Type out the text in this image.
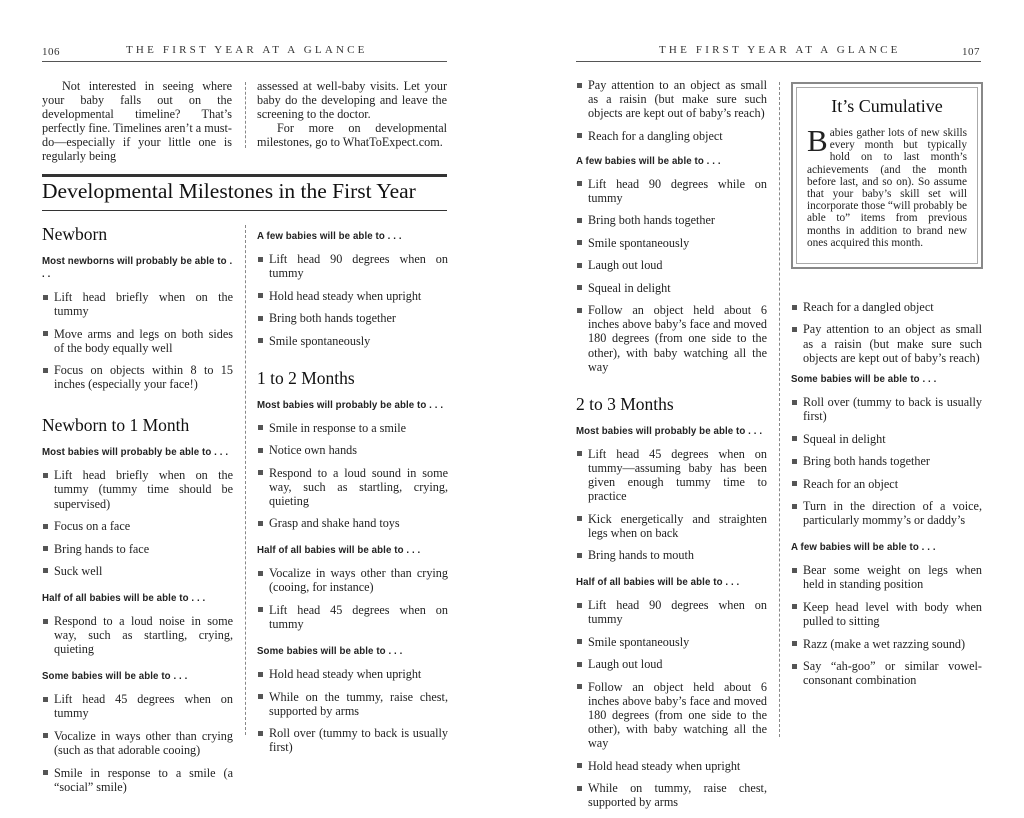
106	THE FIRST YEAR AT A GLANCE

Not interested in seeing where your baby falls out on the developmental timeline? That’s perfectly fine. Timelines aren’t a must-do—especially if your little one is regularly being

assessed at well-baby visits. Let your baby do the developing and leave the screening to the doctor.

For more on developmental milestones, go to WhatToExpect.com.

Developmental Milestones in the First Year
Newborn
Most newborns will probably be able to . . .
Lift head briefly when on the tummy
Move arms and legs on both sides of the body equally well
Focus on objects within 8 to 15 inches (especially your face!)
Newborn to 1 Month
Most babies will probably be able to . . .
Lift head briefly when on the tummy (tummy time should be supervised)
Focus on a face
Bring hands to face
Suck well
Half of all babies will be able to . . .
Respond to a loud noise in some way, such as startling, crying, quieting
Some babies will be able to . . .
Lift head 45 degrees when on tummy
Vocalize in ways other than crying (such as that adorable cooing)
Smile in response to a smile (a “social” smile)
A few babies will be able to . . .
Lift head 90 degrees when on tummy
Hold head steady when upright
Bring both hands together
Smile spontaneously
1 to 2 Months
Most babies will probably be able to . . .
Smile in response to a smile
Notice own hands
Respond to a loud sound in some way, such as startling, crying, quieting
Grasp and shake hand toys
Half of all babies will be able to . . .
Vocalize in ways other than crying (cooing, for instance)
Lift head 45 degrees when on tummy
Some babies will be able to . . .
Hold head steady when upright
While on the tummy, raise chest, supported by arms
Roll over (tummy to back is usually first)
THE FIRST YEAR AT A GLANCE	107
Pay attention to an object as small as a raisin (but make sure such objects are kept out of baby’s reach)
Reach for a dangling object
A few babies will be able to . . .
Lift head 90 degrees while on tummy
Bring both hands together
Smile spontaneously
Laugh out loud
Squeal in delight
Follow an object held about 6 inches above baby’s face and moved 180 degrees (from one side to the other), with baby watching all the way
2 to 3 Months
Most babies will probably be able to . . .
Lift head 45 degrees when on tummy—assuming baby has been given enough tummy time to practice
Kick energetically and straighten legs when on back
Bring hands to mouth
Half of all babies will be able to . . .
Lift head 90 degrees when on tummy
Smile spontaneously
Laugh out loud
Follow an object held about 6 inches above baby’s face and moved 180 degrees (from one side to the other), with baby watching all the way
Hold head steady when upright
While on tummy, raise chest, supported by arms
It’s Cumulative
Babies gather lots of new skills every month but typically hold on to last month’s achievements (and the month before last, and so on). So assume that your baby’s skill set will incorporate those “will probably be able to” items from previous months in addition to brand new ones acquired this month.
Reach for a dangled object
Pay attention to an object as small as a raisin (but make sure such objects are kept out of baby’s reach)
Some babies will be able to . . .
Roll over (tummy to back is usually first)
Squeal in delight
Bring both hands together
Reach for an object
Turn in the direction of a voice, particularly mommy’s or daddy’s
A few babies will be able to . . .
Bear some weight on legs when held in standing position
Keep head level with body when pulled to sitting
Razz (make a wet razzing sound)
Say “ah-goo” or similar vowel-consonant combination
